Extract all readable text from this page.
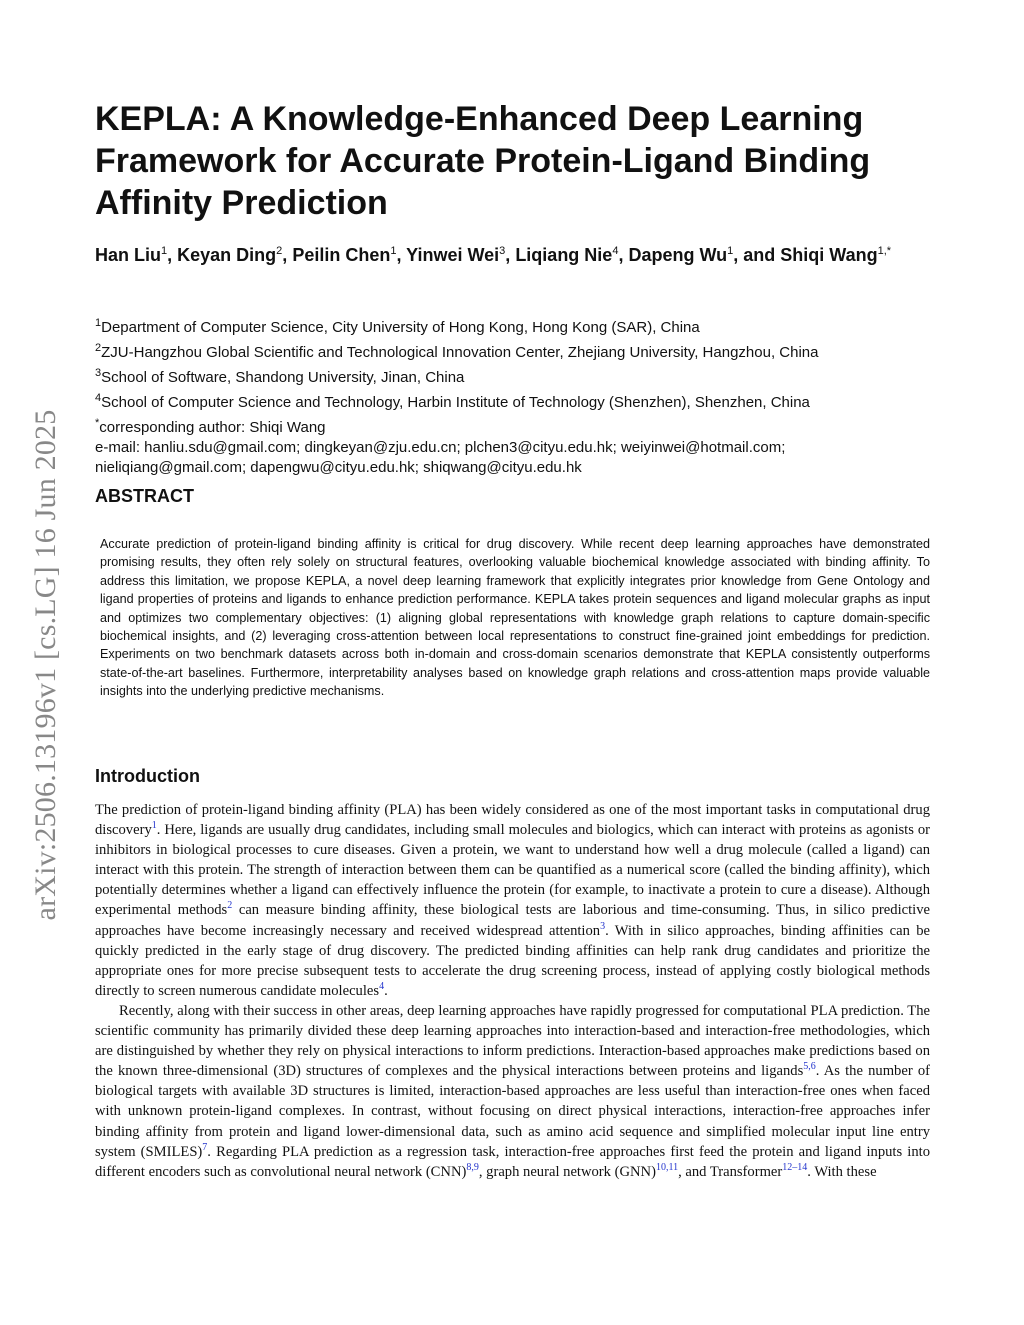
arXiv:2506.13196v1 [cs.LG] 16 Jun 2025
KEPLA: A Knowledge-Enhanced Deep Learning Framework for Accurate Protein-Ligand Binding Affinity Prediction
Han Liu$^1$, Keyan Ding$^2$, Peilin Chen$^1$, Yinwei Wei$^3$, Liqiang Nie$^4$, Dapeng Wu$^1$, and Shiqi Wang$^{1,*}$
$^1$Department of Computer Science, City University of Hong Kong, Hong Kong (SAR), China
$^2$ZJU-Hangzhou Global Scientific and Technological Innovation Center, Zhejiang University, Hangzhou, China
$^3$School of Software, Shandong University, Jinan, China
$^4$School of Computer Science and Technology, Harbin Institute of Technology (Shenzhen), Shenzhen, China
*corresponding author: Shiqi Wang
e-mail: hanliu.sdu@gmail.com; dingkeyan@zju.edu.cn; plchen3@cityu.edu.hk; weiyinwei@hotmail.com;
nieliqiang@gmail.com; dapengwu@cityu.edu.hk; shiqwang@cityu.edu.hk
ABSTRACT
Accurate prediction of protein-ligand binding affinity is critical for drug discovery. While recent deep learning approaches have demonstrated promising results, they often rely solely on structural features, overlooking valuable biochemical knowledge associated with binding affinity. To address this limitation, we propose KEPLA, a novel deep learning framework that explicitly integrates prior knowledge from Gene Ontology and ligand properties of proteins and ligands to enhance prediction performance. KEPLA takes protein sequences and ligand molecular graphs as input and optimizes two complementary objectives: (1) aligning global representations with knowledge graph relations to capture domain-specific biochemical insights, and (2) leveraging cross-attention between local representations to construct fine-grained joint embeddings for prediction. Experiments on two benchmark datasets across both in-domain and cross-domain scenarios demonstrate that KEPLA consistently outperforms state-of-the-art baselines. Furthermore, interpretability analyses based on knowledge graph relations and cross-attention maps provide valuable insights into the underlying predictive mechanisms.
Introduction

The prediction of protein-ligand binding affinity (PLA) has been widely considered as one of the most important tasks in computational drug discovery$^1$. Here, ligands are usually drug candidates, including small molecules and biologics, which can interact with proteins as agonists or inhibitors in biological processes to cure diseases. Given a protein, we want to understand how well a drug molecule (called a ligand) can interact with this protein. The strength of interaction between them can be quantified as a numerical score (called the binding affinity), which potentially determines whether a ligand can effectively influence the protein (for example, to inactivate a protein to cure a disease). Although experimental methods$^2$ can measure binding affinity, these biological tests are laborious and time-consuming. Thus, in silico predictive approaches have become increasingly necessary and received widespread attention$^3$. With in silico approaches, binding affinities can be quickly predicted in the early stage of drug discovery. The predicted binding affinities can help rank drug candidates and prioritize the appropriate ones for more precise subsequent tests to accelerate the drug screening process, instead of applying costly biological methods directly to screen numerous candidate molecules$^4$.

Recently, along with their success in other areas, deep learning approaches have rapidly progressed for computational PLA prediction. The scientific community has primarily divided these deep learning approaches into interaction-based and interaction-free methodologies, which are distinguished by whether they rely on physical interactions to inform predictions. Interaction-based approaches make predictions based on the known three-dimensional (3D) structures of complexes and the physical interactions between proteins and ligands$^{5,6}$. As the number of biological targets with available 3D structures is limited, interaction-based approaches are less useful than interaction-free ones when faced with unknown protein-ligand complexes. In contrast, without focusing on direct physical interactions, interaction-free approaches infer binding affinity from protein and ligand lower-dimensional data, such as amino acid sequence and simplified molecular input line entry system (SMILES)$^7$. Regarding PLA prediction as a regression task, interaction-free approaches first feed the protein and ligand inputs into different encoders such as convolutional neural network (CNN)$^{8,9}$, graph neural network (GNN)$^{10,11}$, and Transformer$^{12-14}$. With these
